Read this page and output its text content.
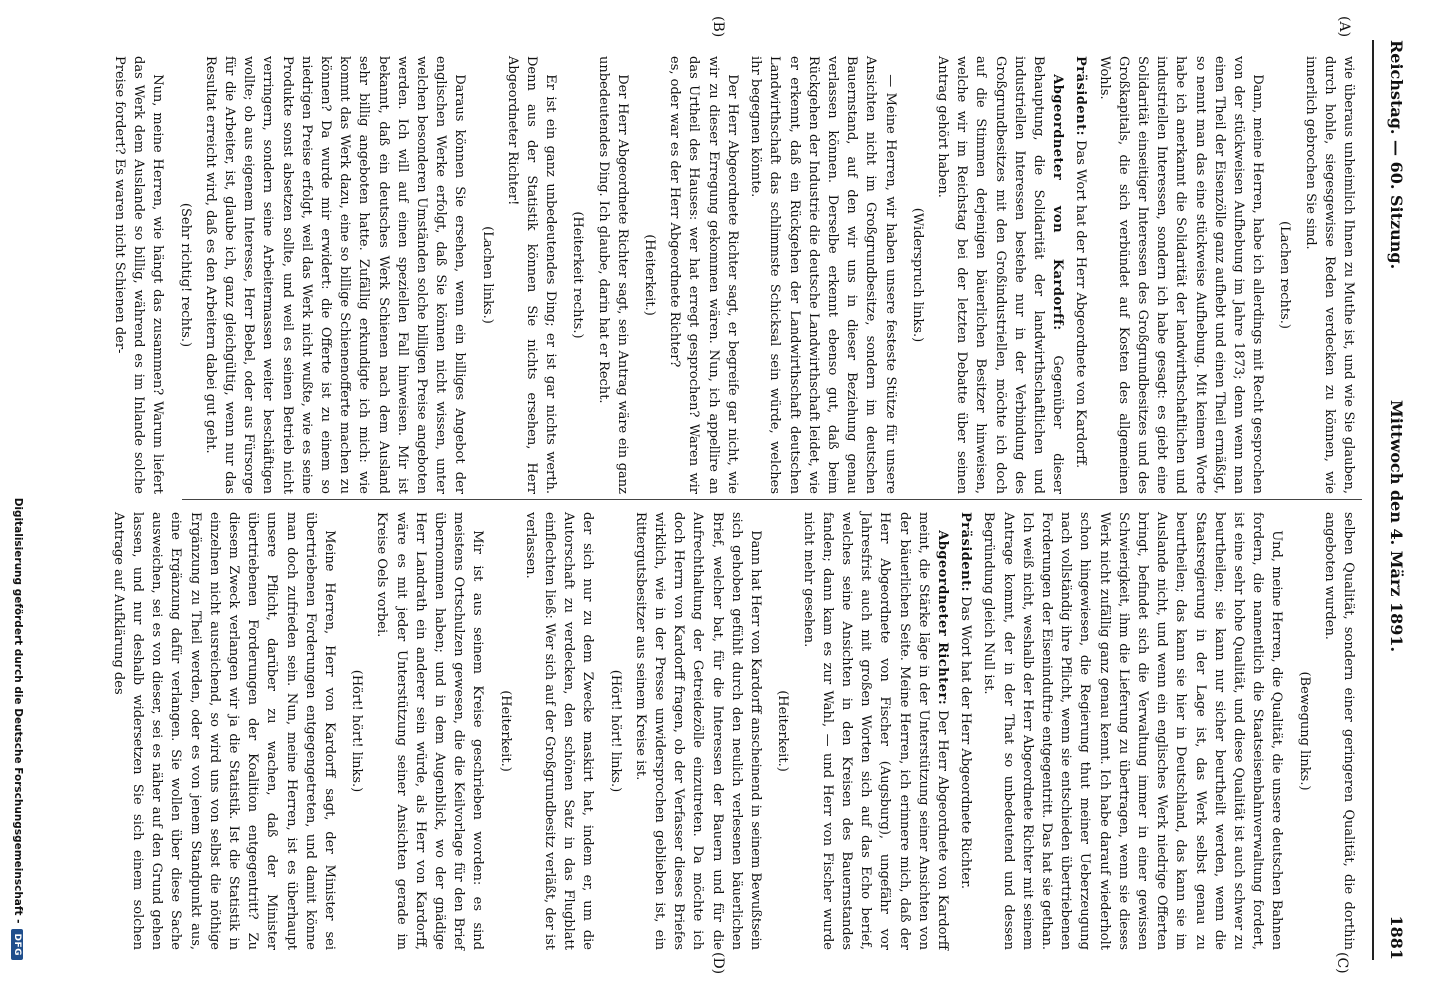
Reichstag. — 60. Sitzung.
Mittwoch den 4. März 1891.
1881
(A)
(B)
(C)
(D)

wie überaus unheimlich Ihnen zu Muthe ist, und wie Sie glauben, durch hohle, siegesgewisse Reden verdecken zu können, wie innerlich gebrochen Sie sind.

(Lachen rechts.)

Dann, meine Herren, habe ich allerdings mit Recht gesprochen von der stückweisen Aufhebung im Jahre 1873; denn wenn man einen Theil der Eisenzölle ganz aufhebt und einen Theil ermäßigt, so nennt man das eine stückweise Aufhebung. Mit keinem Worte habe ich anerkannt die Solidarität der landwirthschaftlichen und industriellen Interessen, sondern ich habe gesagt: es giebt eine Solidarität einseitiger Interessen des Großgrundbesitzes und des Großkapitals, die sich verbündet auf Kosten des allgemeinen Wohls.

Präsident: Das Wort hat der Herr Abgeordnete von Kardorff.

Abgeordneter von Kardorff: Gegenüber dieser Behauptung, die Solidarität der landwirthschaftlichen und industriellen Interessen bestehe nur in der Verbindung des Großgrundbesitzes mit den Großindustriellen, möchte ich doch auf die Stimmen derjenigen bäuerlichen Besitzer hinweisen, welche wir im Reichstag bei der letzten Debatte über seinen Antrag gehört haben.

(Widerspruch links.)

— Meine Herren, wir haben unsere festeste Stütze für unsere Ansichten nicht im Großgrundbesitze, sondern im deutschen Bauernstand, auf den wir uns in dieser Beziehung genau verlassen können. Derselbe erkennt ebenso gut, daß beim Rückgehen der Industrie die deutsche Landwirthschaft leidet, wie er erkennt, daß ein Rückgehen der Landwirthschaft deutschen Landwirthschaft das schlimmste Schicksal sein würde, welches ihr begegnen könnte.

Der Herr Abgeordnete Richter sagt, er begreife gar nicht, wie wir zu dieser Erregung gekommen wären. Nun, ich appellire an das Urtheil des Hauses: wer hat erregt gesprochen? Waren wir es, oder war es der Herr Abgeordnete Richter?

(Heiterkeit.)

Der Herr Abgeordnete Richter sagt, sein Antrag wäre ein ganz unbedeutendes Ding. Ich glaube, darin hat er Recht.

(Heiterkeit rechts.)

Er ist ein ganz unbedeutendes Ding; er ist gar nichts werth. Denn aus der Statistik können Sie nichts ersehen, Herr Abgeordneter Richter!

(Lachen links.)

Daraus können Sie ersehen, wenn ein billiges Angebot der englischen Werke erfolgt, daß Sie können nicht wissen, unter welchen besonderen Umständen solche billigen Preise angeboten werden. Ich will auf einen speziellen Fall hinweisen. Mir ist bekannt, daß ein deutsches Werk Schienen nach dem Ausland sehr billig angeboten hatte. Zufällig erkundigte ich mich: wie kommt das Werk dazu, eine so billige Schienenofferte machen zu können? Da wurde mir erwidert: die Offerte ist zu einem so niedrigen Preise erfolgt, weil das Werk nicht wußte, wie es seine Produkte sonst absetzen sollte, und weil es seinen Betrieb nicht verringern, sondern seine Arbeitermassen weiter beschäftigen wollte; ob aus eigenem Interesse, Herr Bebel, oder aus Fürsorge für die Arbeiter, ist, glaube ich, ganz gleichgültig, wenn nur das Resultat erreicht wird, daß es den Arbeitern dabei gut geht.

(Sehr richtig! rechts.)

Nun, meine Herren, wie hängt das zusammen? Warum liefert das Werk dem Auslande so billig, während es im Inlande solche Preise fordert? Es waren nicht Schienen der-

selben Qualität, sondern einer geringeren Qualität, die dorthin angeboten wurden.

(Bewegung links.)

Und, meine Herren, die Qualität, die unsere deutschen Bahnen fordern, die namentlich die Staatseisenbahnverwaltung fordert, ist eine sehr hohe Qualität, und diese Qualität ist auch schwer zu beurtheilen; sie kann nur sicher beurtheilt werden, wenn die Staatsregierung in der Lage ist, das Werk selbst genau zu beurtheilen; das kann sie hier in Deutschland, das kann sie im Auslande nicht, und wenn ein englisches Werk niedrige Offerten bringt, befindet sich die Verwaltung immer in einer gewissen Schwierigkeit, ihm die Lieferung zu übertragen, wenn sie dieses Werk nicht zufällig ganz genau kennt. Ich habe darauf wiederholt schon hingewiesen, die Regierung thut meiner Ueberzeugung nach vollständig ihre Pflicht, wenn sie entschieden übertriebenen Forderungen der Eiseninduftrie entgegentritt. Das hat sie gethan. Ich weiß nicht, weshalb der Herr Abgeordnete Richter mit seinem Antrage kommt, der in der That so unbedeutend und dessen Begründung gleich Null ist.

Präsident: Das Wort hat der Herr Abgeordnete Richter.

Abgeordneter Richter: Der Herr Abgeordnete von Kardorff meint, die Stärke läge in der Unterstützung seiner Ansichten von der bäuerlichen Seite. Meine Herren, ich erinnere mich, daß der Herr Abgeordnete von Fischer (Augsburg), ungefähr vor Jahresfrist auch mit großen Worten sich auf das Echo berief, welches seine Ansichten in den Kreisen des Bauernstandes fanden; dann kam es zur Wahl, — und Herr von Fischer wurde nicht mehr gesehen.

(Heiterkeit.)

Dann hat Herr von Kardorff anscheinend in seinem Bewußtsein sich gehoben gefühlt durch den neulich verlesenen bäuerlichen Brief, welcher bat, für die Interessen der Bauern und für die Aufrechthaltung der Getreidezölle einzutreten. Da möchte ich doch Herrn von Kardorff fragen, ob der Verfasser dieses Briefes wirklich, wie in der Presse unwidersprochen geblieben ist, ein Rittergutsbesitzer aus seinem Kreise ist.

(Hört! hört! links.)

der sich nur zu dem Zwecke maskirt hat, indem er, um die Autorschaft zu verdecken, den schönen Satz in das Flugblatt einflechten ließ: Wer sich auf der Großgrundbesitz verläßt, der ist verlassen.

(Heiterkeit.)

Mir ist aus seinem Kreise geschrieben worden: es sind meistens Ortschulzen gewesen, die die Keilvorlage für den Brief übernommen haben; und in dem Augenblick, wo der gnädige Herr Landrath ein anderer sein würde, als Herr von Kardorff, wäre es mit jeder Unterstützung seiner Ansichten gerade im Kreise Oels vorbei.

(Hört! hört! links.)

Meine Herren, Herr von Kardorff sagt, der Minister sei übertriebenen Forderungen entgegengetreten, und damit könne man doch zufrieden sein. Nun, meine Herren, ist es überhaupt unsere Pflicht, darüber zu wachen, daß der Minister übertriebenen Forderungen der Koalition entgegentritt? Zu diesem Zweck verlangen wir ja die Statistik. Ist die Statistik in einzelnen nicht ausreichend, so wird uns von selbst die nöthige Ergänzung zu Theil werden, oder es von jenem Standpunkt aus, eine Ergänzung dafür verlangen. Sie wollen über diese Sache ausweichen, sei es von dieser, sei es näher auf den Grund gehen lassen, und nur deshalb widersetzen Sie sich einem solchen Antrage auf Aufklärung des

Digitalisierung gefördert durch die Deutsche Forschungsgemeinschaft -DFG
